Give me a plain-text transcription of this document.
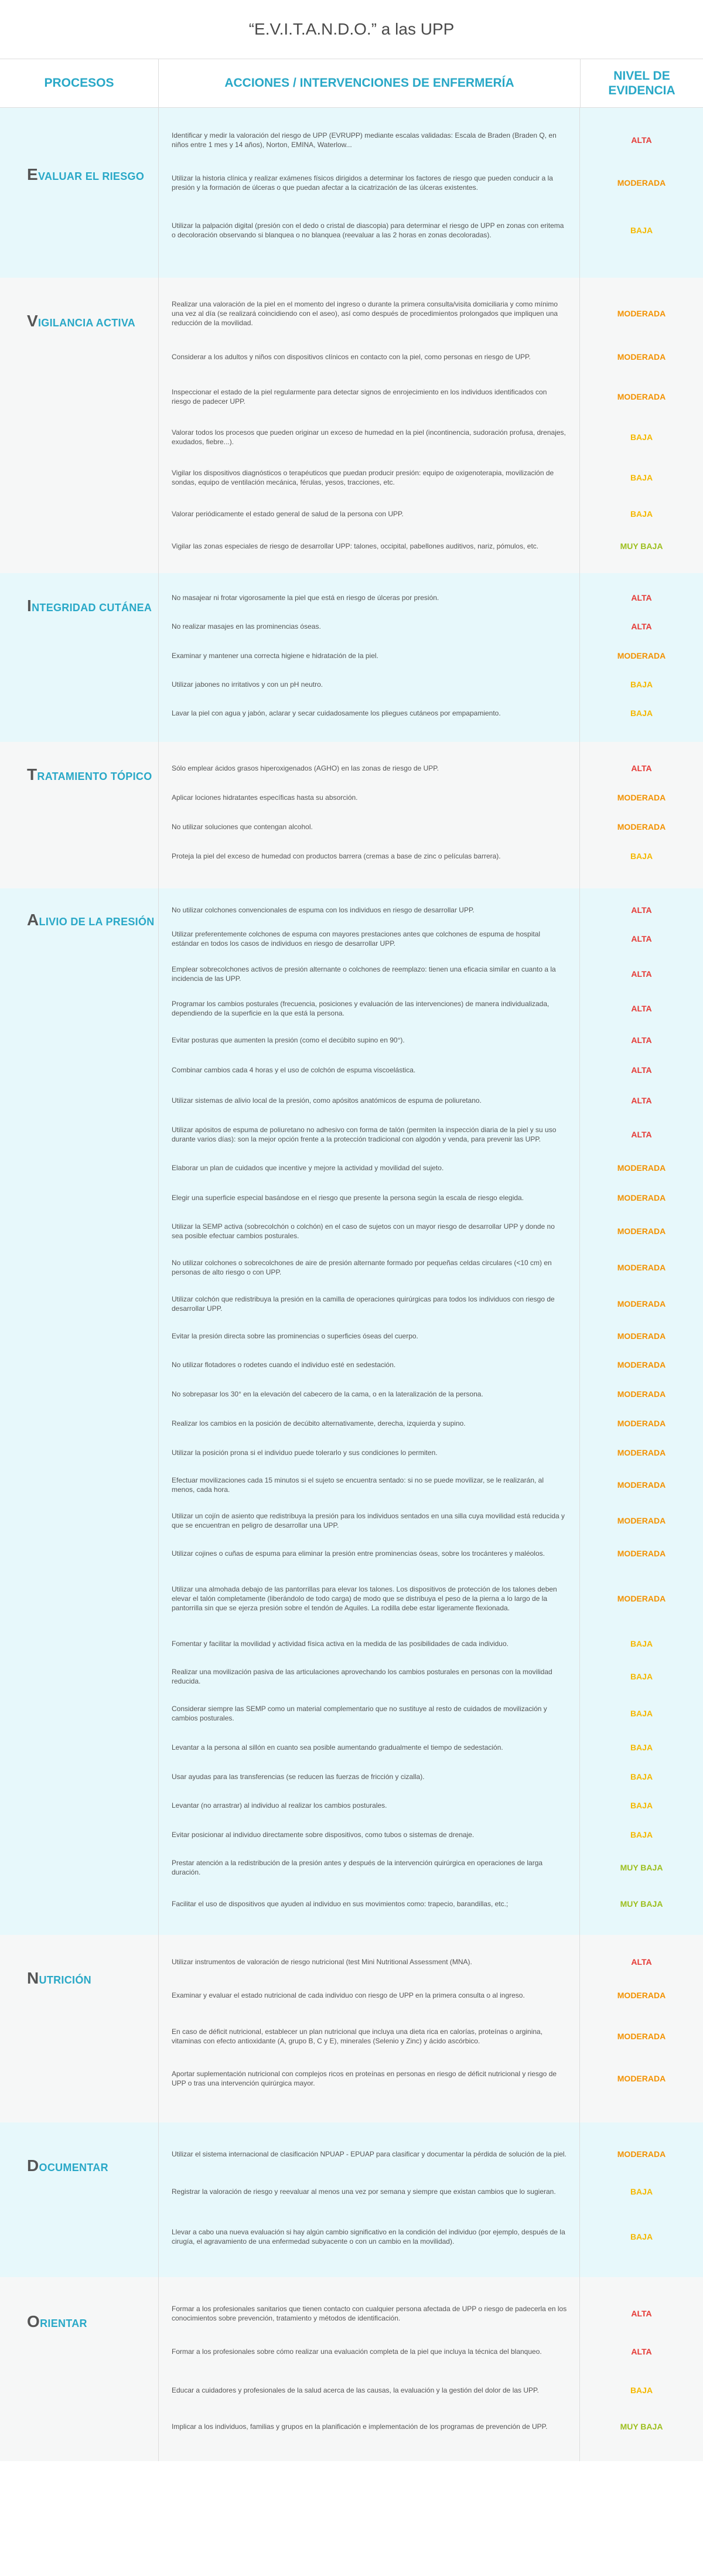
“E.V.I.T.A.N.D.O.” a las UPP
PROCESOS	ACCIONES / INTERVENCIONES DE ENFERMERÍA
NIVEL DE EVIDENCIA
EVALUAR EL RIESGO
Identificar y medir la valoración del riesgo de UPP (EVRUPP) mediante escalas validadas: Escala de Braden (Braden Q, en niños entre 1 mes y 14 años), Norton, EMINA, Waterlow...
Utilizar la historia clínica y realizar exámenes físicos dirigidos a determinar los factores de riesgo que pueden conducir a la presión y la formación de úlceras o que puedan afectar a la cicatrización de las úlceras existentes.
Utilizar la palpación digital (presión con el dedo o cristal de diascopia) para determinar el riesgo de UPP en zonas con eritema o decoloración observando si blanquea o no blanquea (reevaluar a las 2 horas en zonas decoloradas).
ALTA
MODERADA
BAJA
VIGILANCIA ACTIVA
Realizar una valoración de la piel en el momento del ingreso o durante la primera consulta/visita domiciliaria y como mínimo una vez al día (se realizará coincidiendo con el aseo), así como después de procedimientos prolongados que impliquen una reducción de la movilidad.
Considerar a los adultos y niños con dispositivos clínicos en contacto con la piel, como personas en riesgo de UPP.
Inspeccionar el estado de la piel regularmente para detectar signos de enrojecimiento en los individuos identificados con riesgo de padecer UPP.
Valorar todos los procesos que pueden originar un exceso de humedad en la piel (incontinencia, sudoración profusa, drenajes, exudados, fiebre...).
Vigilar los dispositivos diagnósticos o terapéuticos que puedan producir presión: equipo de oxigenoterapia, movilización de sondas, equipo de ventilación mecánica, férulas, yesos, tracciones, etc.
Valorar periódicamente el estado general de salud de la persona con UPP.
Vigilar las zonas especiales de riesgo de desarrollar UPP: talones, occipital, pabellones auditivos, nariz, pómulos, etc.
MODERADA
MODERADA
MODERADA
BAJA
BAJA
BAJA
MUY BAJA
INTEGRIDAD CUTÁNEA
No masajear ni frotar vigorosamente la piel que está en riesgo de úlceras por presión.
No realizar masajes en las prominencias óseas.
Examinar y mantener una correcta higiene e hidratación de la piel.
Utilizar jabones no irritativos y con un pH neutro.
Lavar la piel con agua y jabón, aclarar y secar cuidadosamente los pliegues cutáneos por empapamiento.
ALTA
ALTA
MODERADA
BAJA
BAJA
TRATAMIENTO TÓPICO
Sólo emplear ácidos grasos hiperoxigenados (AGHO) en las zonas de riesgo de UPP.
Aplicar lociones hidratantes específicas hasta su absorción.
No utilizar soluciones que contengan alcohol.
Proteja la piel del exceso de humedad con productos barrera (cremas a base de zinc o películas barrera).
ALTA
MODERADA
MODERADA
BAJA
ALIVIO DE LA PRESIÓN
No utilizar colchones convencionales de espuma con los individuos en riesgo de desarrollar UPP.
Utilizar preferentemente colchones de espuma con mayores prestaciones antes que colchones de espuma de hospital estándar en todos los casos de individuos en riesgo de desarrollar UPP.
Emplear sobrecolchones activos de presión alternante o colchones de reemplazo: tienen una eficacia similar en cuanto a la incidencia de las UPP.
Programar los cambios posturales (frecuencia, posiciones y evaluación de las intervenciones) de manera individualizada, dependiendo de la superficie en la que está la persona.
Evitar posturas que aumenten la presión (como el decúbito supino en 90°).
Combinar cambios cada 4 horas y el uso de colchón de espuma viscoelástica.
Utilizar sistemas de alivio local de la presión, como apósitos anatómicos de espuma de poliuretano.
Utilizar apósitos de espuma de poliuretano no adhesivo con forma de talón (permiten la inspección diaria de la piel y su uso durante varios días): son la mejor opción frente a la protección tradicional con algodón y venda, para prevenir las UPP.
Elaborar un plan de cuidados que incentive y mejore la actividad y movilidad del sujeto.
Elegir una superficie especial basándose en el riesgo que presente la persona según la escala de riesgo elegida.
Utilizar la SEMP activa (sobrecolchón o colchón) en el caso de sujetos con un mayor riesgo de desarrollar UPP y donde no sea posible efectuar cambios posturales.
No utilizar colchones o sobrecolchones de aire de presión alternante formado por pequeñas celdas circulares (<10 cm) en personas de alto riesgo o con UPP.
Utilizar colchón que redistribuya la presión en la camilla de operaciones quirúrgicas para todos los individuos con riesgo de desarrollar UPP.
Evitar la presión directa sobre las prominencias o superficies óseas del cuerpo.
No utilizar flotadores o rodetes cuando el individuo esté en sedestación.
No sobrepasar los 30° en la elevación del cabecero de la cama, o en la lateralización de la persona.
Realizar los cambios en la posición de decúbito alternativamente, derecha, izquierda y supino.
Utilizar la posición prona si el individuo puede tolerarlo y sus condiciones lo permiten.
Efectuar movilizaciones cada 15 minutos si el sujeto se encuentra sentado: si no se puede movilizar, se le realizarán, al menos, cada hora.
Utilizar un cojín de asiento que redistribuya la presión para los individuos sentados en una silla cuya movilidad está reducida y que se encuentran en peligro de desarrollar una UPP.
Utilizar cojines o cuñas de espuma para eliminar la presión entre prominencias óseas, sobre los trocánteres y maléolos.
Utilizar una almohada debajo de las pantorrillas para elevar los talones. Los dispositivos de protección de los talones deben elevar el talón completamente (liberándolo de todo carga) de modo que se distribuya el peso de la pierna a lo largo de la pantorrilla sin que se ejerza presión sobre el tendón de Aquiles. La rodilla debe estar ligeramente flexionada.
Fomentar y facilitar la movilidad y actividad física activa en la medida de las posibilidades de cada individuo.
Realizar una movilización pasiva de las articulaciones aprovechando los cambios posturales en personas con la movilidad reducida.
Considerar siempre las SEMP como un material complementario que no sustituye al resto de cuidados de movilización y cambios posturales.
Levantar a la persona al sillón en cuanto sea posible aumentando gradualmente el tiempo de sedestación.
Usar ayudas para las transferencias (se reducen las fuerzas de fricción y cizalla).
Levantar (no arrastrar) al individuo al realizar los cambios posturales.
Evitar posicionar al individuo directamente sobre dispositivos, como tubos o sistemas de drenaje.
Prestar atención a la redistribución de la presión antes y después de la intervención quirúrgica en operaciones de larga duración.
Facilitar el uso de dispositivos que ayuden al individuo en sus movimientos como: trapecio, barandillas, etc.;
ALTA
ALTA
ALTA
ALTA
ALTA
ALTA
ALTA
ALTA
MODERADA
MODERADA
MODERADA
MODERADA
MODERADA
MODERADA
MODERADA
MODERADA
MODERADA
MODERADA
MODERADA
MODERADA
MODERADA
MODERADA
BAJA
BAJA
BAJA
BAJA
BAJA
BAJA
BAJA
MUY BAJA
MUY BAJA
NUTRICIÓN
Utilizar instrumentos de valoración de riesgo nutricional (test Mini Nutritional Assessment (MNA).
Examinar y evaluar el estado nutricional de cada individuo con riesgo de UPP en la primera consulta o al ingreso.
En caso de déficit nutricional, establecer un plan nutricional que incluya una dieta rica en calorías, proteínas o arginina, vitaminas con efecto antioxidante (A, grupo B, C y E), minerales (Selenio y Zinc) y ácido ascórbico.
Aportar suplementación nutricional con complejos ricos en proteínas en personas en riesgo de déficit nutricional y riesgo de UPP o tras una intervención quirúrgica mayor.
ALTA
MODERADA
MODERADA
MODERADA
DOCUMENTAR
Utilizar el sistema internacional de clasificación NPUAP - EPUAP para clasificar y documentar la pérdida de solución de la piel.
Registrar la valoración de riesgo y reevaluar al menos una vez por semana y siempre que existan cambios que lo sugieran.
Llevar a cabo una nueva evaluación si hay algún cambio significativo en la condición del individuo (por ejemplo, después de la cirugía, el agravamiento de una enfermedad subyacente o con un cambio en la movilidad).
MODERADA
BAJA
BAJA
ORIENTAR
Formar a los profesionales sanitarios que tienen contacto con cualquier persona afectada de UPP o riesgo de padecerla en los conocimientos sobre prevención, tratamiento y métodos de identificación.
Formar a los profesionales sobre cómo realizar una evaluación completa de la piel que incluya la técnica del blanqueo.
Educar a cuidadores y profesionales de la salud acerca de las causas, la evaluación y la gestión del dolor de las UPP.
Implicar a los individuos, familias y grupos en la planificación e implementación de los programas de prevención de UPP.
ALTA
ALTA
BAJA
MUY BAJA
